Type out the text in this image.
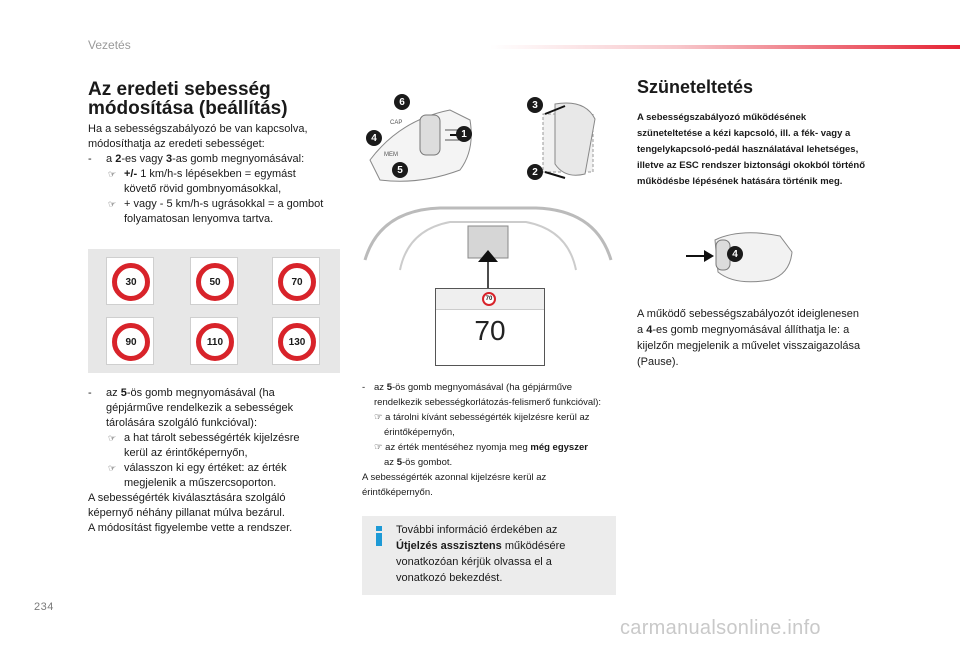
Vezetés
Az eredeti sebesség
módosítása (beállítás)
Ha a sebességszabályozó be van kapcsolva,
módosíthatja az eredeti sebességet:
- a 2-es vagy 3-as gomb megnyomásával:
☞ +/- 1 km/h-s lépésekben = egymást
követő rövid gombnyomásokkal,
☞ + vagy - 5 km/h-s ugrásokkal = a gombot
folyamatosan lenyomva tartva.
30	50	70
90	110	130
- az 5-ös gomb megnyomásával (ha
gépjárműve rendelkezik a sebességek
tárolására szolgáló funkcióval):
☞ a hat tárolt sebességérték kijelzésre
kerül az érintőképernyőn,
☞ válasszon ki egy értéket: az érték
megjelenik a műszercsoporton.
A sebességérték kiválasztására szolgáló
képernyő néhány pillanat múlva bezárul.
A módosítást figyelembe vette a rendszer.
CAP
MEM
6
4	1
5
3
2
70
70
- az 5-ös gomb megnyomásával (ha gépjárműve
rendelkezik sebességkorlátozás-felismerő funkcióval):
☞ a tárolni kívánt sebességérték kijelzésre kerül az
érintőképernyőn,
☞ az érték mentéséhez nyomja meg még egyszer
az 5-ös gombot.
A sebességérték azonnal kijelzésre kerül az
érintőképernyőn.
További információ érdekében az
Útjelzés asszisztens működésére
vonatkozóan kérjük olvassa el a
vonatkozó bekezdést.
Szüneteltetés
A sebességszabályozó működésének
szüneteltetése a kézi kapcsoló, ill. a fék- vagy a
tengelykapcsoló-pedál használatával lehetséges,
illetve az ESC rendszer biztonsági okokból történő
működésbe lépésének hatására történik meg.
4
A működő sebességszabályozót ideiglenesen
a 4-es gomb megnyomásával állíthatja le: a
kijelzőn megjelenik a művelet visszaigazolása
(Pause).
234
carmanualsonline.info
